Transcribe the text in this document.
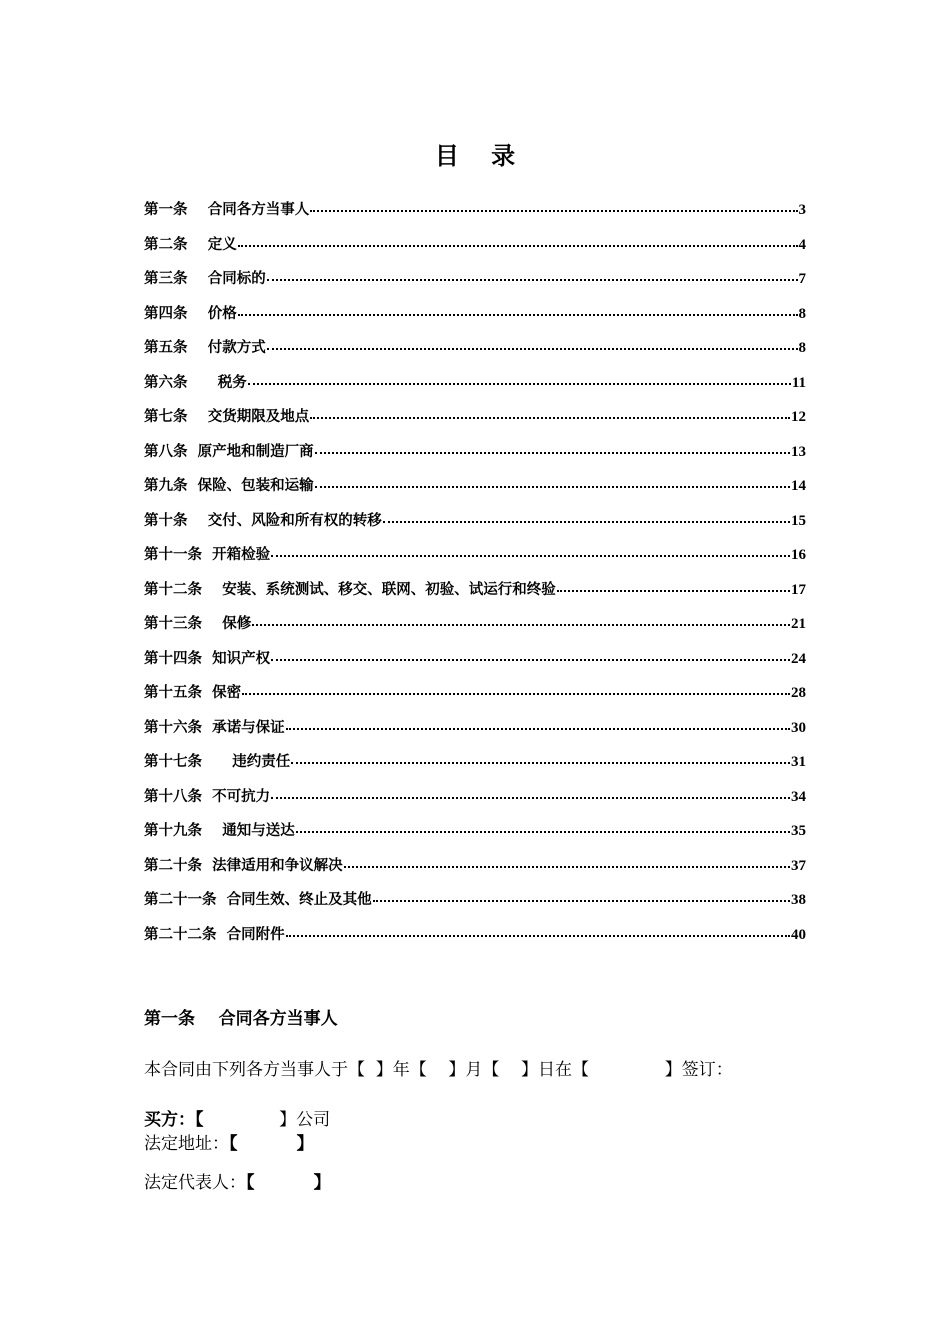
目 录
第一条    合同各方当事人	3
第二条    定义	4
第三条    合同标的	7
第四条    价格	8
第五条    付款方式	8
第六条      税务	11
第七条    交货期限及地点	12
第八条  原产地和制造厂商	13
第九条  保险、包装和运输	14
第十条    交付、风险和所有权的转移	15
第十一条  开箱检验	16
第十二条    安装、系统测试、移交、联网、初验、试运行和终验	17
第十三条    保修	21
第十四条  知识产权	24
第十五条  保密	28
第十六条  承诺与保证	30
第十七条      违约责任	31
第十八条  不可抗力	34
第十九条    通知与送达	35
第二十条  法律适用和争议解决	37
第二十一条  合同生效、终止及其他	38
第二十二条  合同附件	40
第一条    合同各方当事人
本合同由下列各方当事人于【  】年【    】月【    】日在【              】签订：
买方：【              】公司
法定地址：【          】
法定代表人：【          】
